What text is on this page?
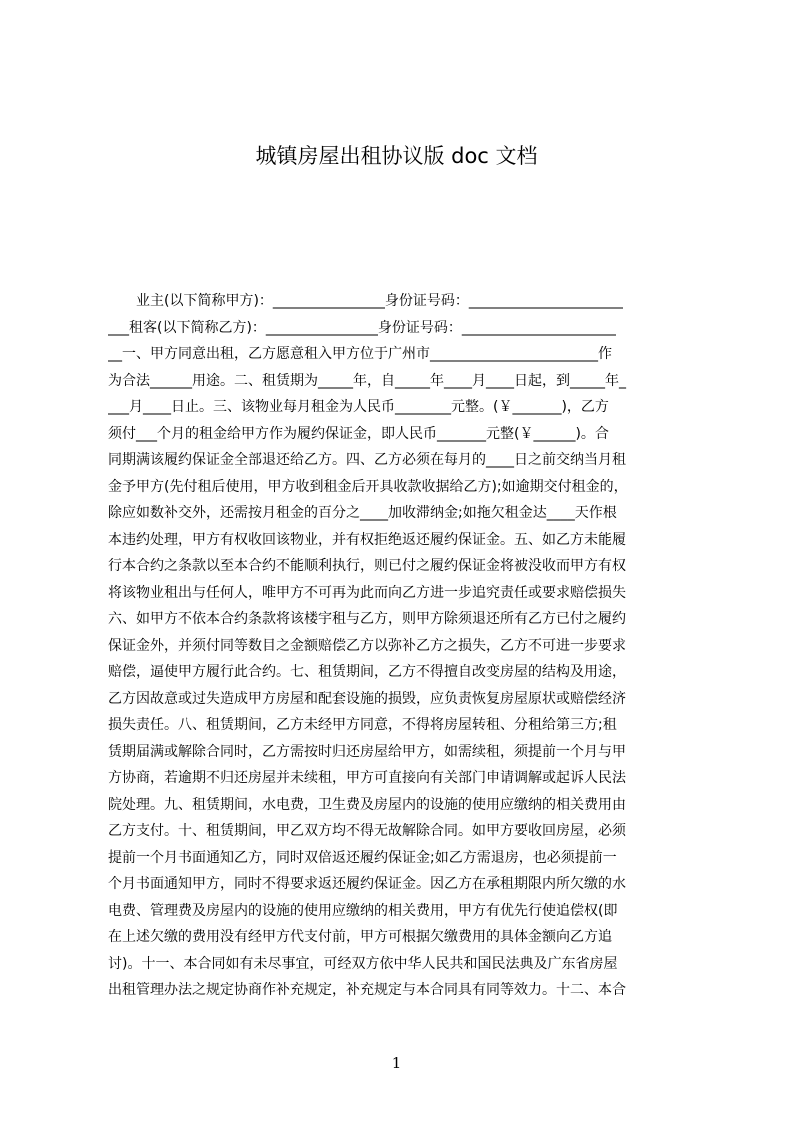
城镇房屋出租协议版 doc 文档
　　业主(以下简称甲方)：________________身份证号码：______________________
___租客(以下简称乙方)：________________身份证号码：______________________
__一、甲方同意出租，乙方愿意租入甲方位于广州市________________________作
为合法______用途。二、租赁期为_____年，自_____年____月____日起，到_____年_
___月____日止。三、该物业每月租金为人民币________元整。(￥_______)，乙方
须付___个月的租金给甲方作为履约保证金，即人民币_______元整(￥______)。合
同期满该履约保证金全部退还给乙方。四、乙方必须在每月的____日之前交纳当月租
金予甲方(先付租后使用，甲方收到租金后开具收款收据给乙方);如逾期交付租金的，
除应如数补交外，还需按月租金的百分之____加收滞纳金;如拖欠租金达____天作根
本违约处理，甲方有权收回该物业，并有权拒绝返还履约保证金。五、如乙方未能履
行本合约之条款以至本合约不能顺利执行，则已付之履约保证金将被没收而甲方有权
将该物业租出与任何人，唯甲方不可再为此而向乙方进一步追究责任或要求赔偿损失
六、如甲方不依本合约条款将该楼宇租与乙方，则甲方除须退还所有乙方已付之履约
保证金外，并须付同等数目之金额赔偿乙方以弥补乙方之损失，乙方不可进一步要求
赔偿，逼使甲方履行此合约。七、租赁期间，乙方不得擅自改变房屋的结构及用途，
乙方因故意或过失造成甲方房屋和配套设施的损毁，应负责恢复房屋原状或赔偿经济
损失责任。八、租赁期间，乙方未经甲方同意，不得将房屋转租、分租给第三方;租
赁期届满或解除合同时，乙方需按时归还房屋给甲方，如需续租，须提前一个月与甲
方协商，若逾期不归还房屋并未续租，甲方可直接向有关部门申请调解或起诉人民法
院处理。九、租赁期间，水电费，卫生费及房屋内的设施的使用应缴纳的相关费用由
乙方支付。十、租赁期间，甲乙双方均不得无故解除合同。如甲方要收回房屋，必须
提前一个月书面通知乙方，同时双倍返还履约保证金;如乙方需退房，也必须提前一
个月书面通知甲方，同时不得要求返还履约保证金。因乙方在承租期限内所欠缴的水
电费、管理费及房屋内的设施的使用应缴纳的相关费用，甲方有优先行使追偿权(即
在上述欠缴的费用没有经甲方代支付前，甲方可根据欠缴费用的具体金额向乙方追
讨)。十一、本合同如有未尽事宜，可经双方依中华人民共和国民法典及广东省房屋
出租管理办法之规定协商作补充规定，补充规定与本合同具有同等效力。十二、本合
1
